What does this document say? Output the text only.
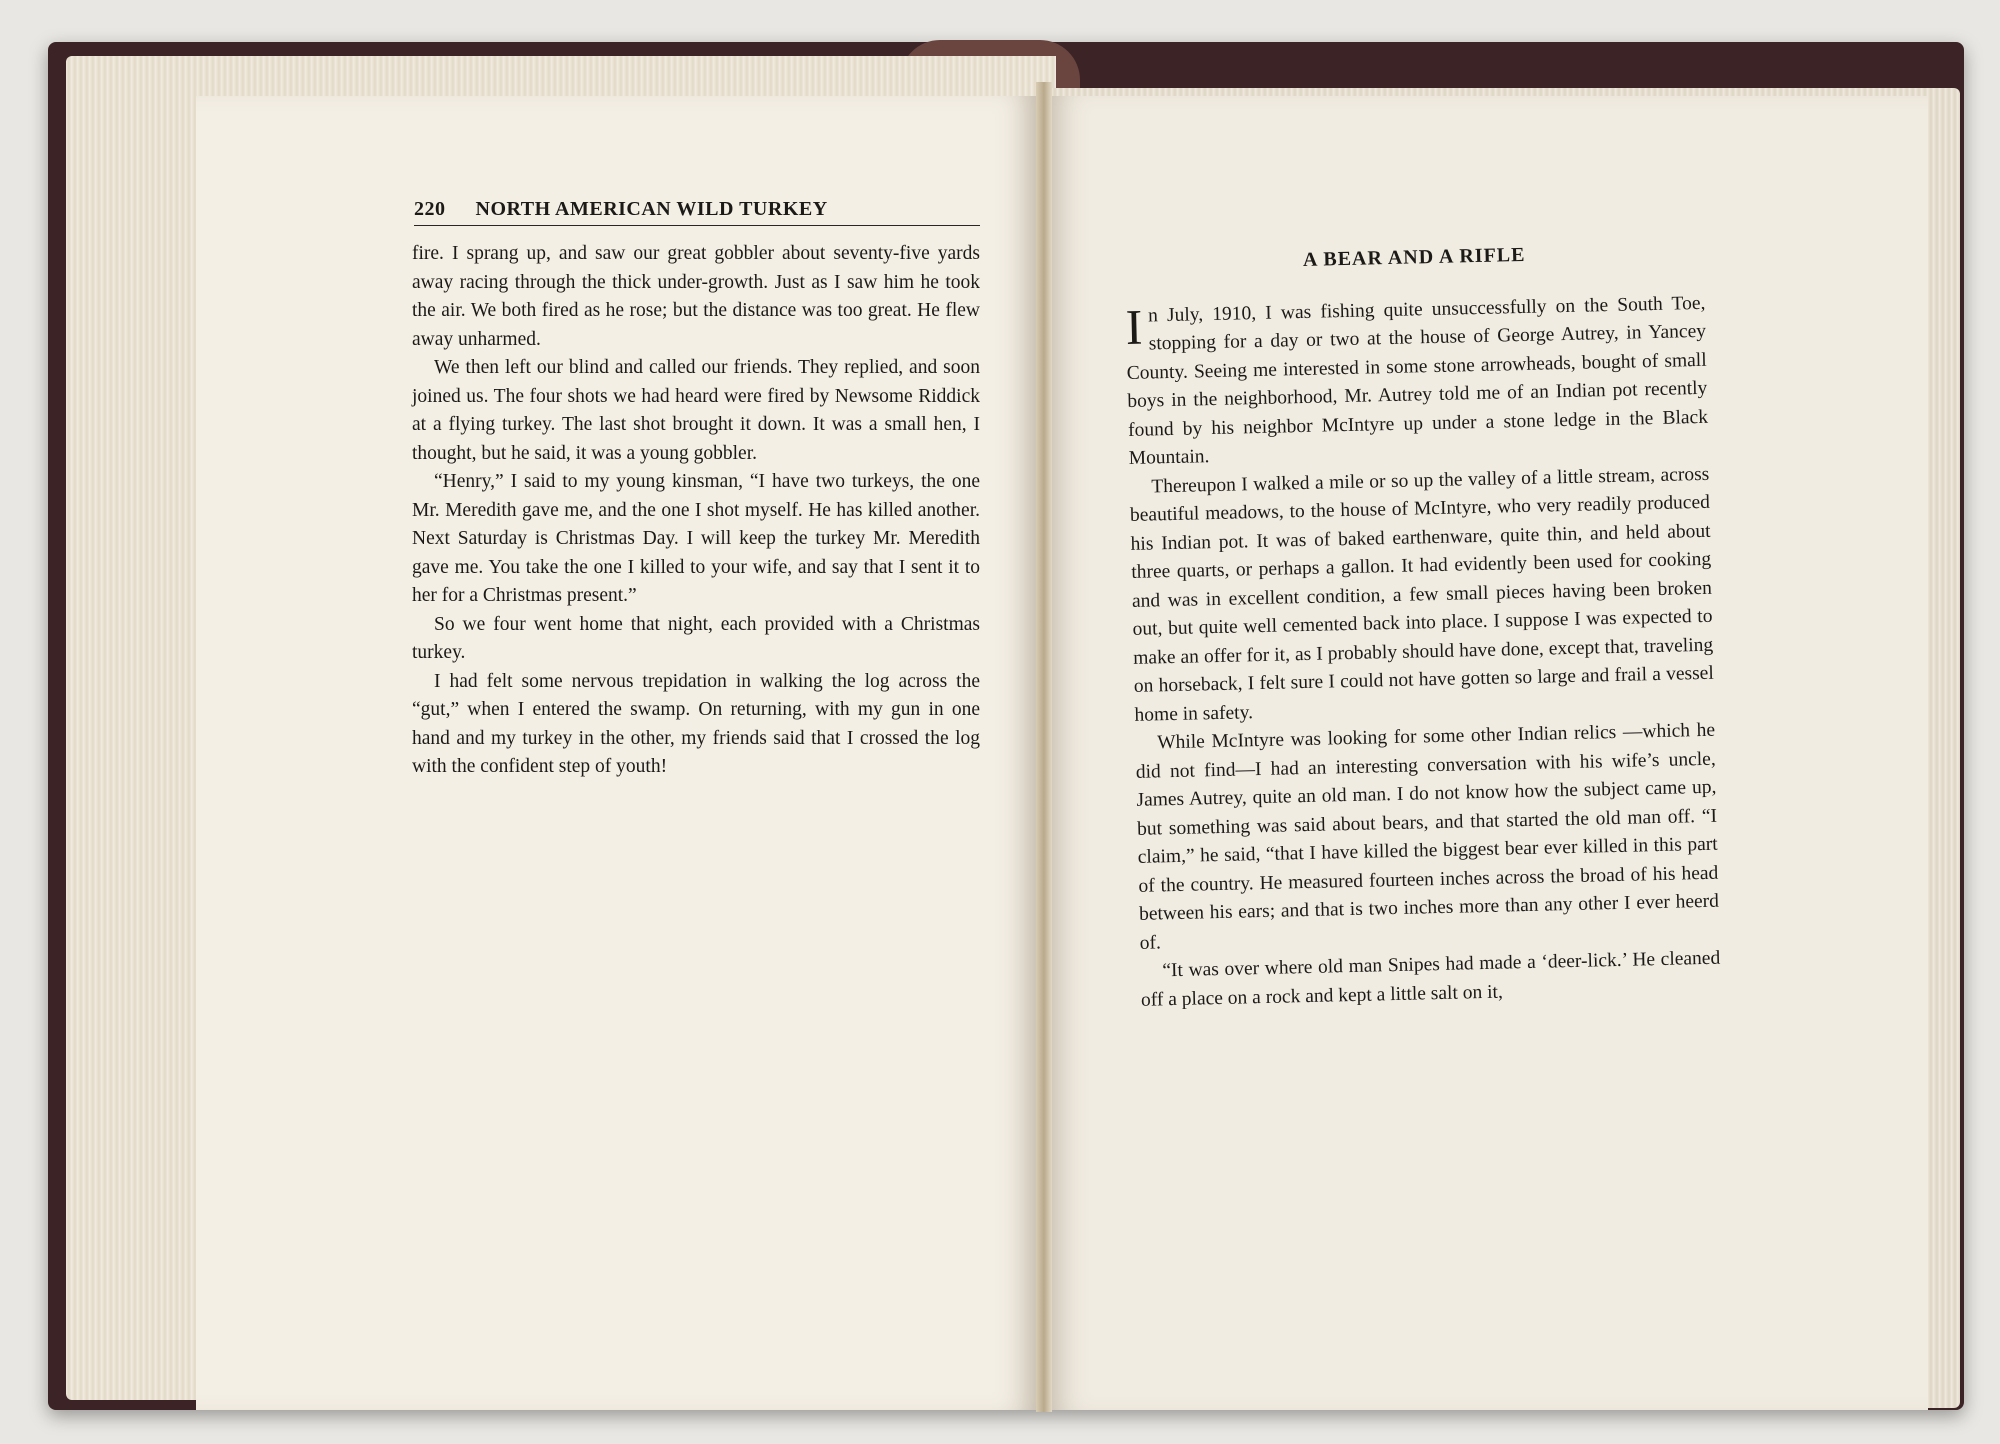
220 NORTH AMERICAN WILD TURKEY

fire. I sprang up, and saw our great gobbler about seventy-five yards away racing through the thick under-growth. Just as I saw him he took the air. We both fired as he rose; but the distance was too great. He flew away unharmed.

We then left our blind and called our friends. They replied, and soon joined us. The four shots we had heard were fired by Newsome Riddick at a flying turkey. The last shot brought it down. It was a small hen, I thought, but he said, it was a young gobbler.

“Henry,” I said to my young kinsman, “I have two turkeys, the one Mr. Meredith gave me, and the one I shot myself. He has killed another. Next Saturday is Christmas Day. I will keep the turkey Mr. Meredith gave me. You take the one I killed to your wife, and say that I sent it to her for a Christmas present.”

So we four went home that night, each provided with a Christmas turkey.

I had felt some nervous trepidation in walking the log across the “gut,” when I entered the swamp. On returning, with my gun in one hand and my turkey in the other, my friends said that I crossed the log with the confident step of youth!

A BEAR AND A RIFLE

In July, 1910, I was fishing quite unsuccessfully on the South Toe, stopping for a day or two at the house of George Autrey, in Yancey County. Seeing me interested in some stone arrowheads, bought of small boys in the neighborhood, Mr. Autrey told me of an Indian pot recently found by his neighbor McIntyre up under a stone ledge in the Black Mountain.

Thereupon I walked a mile or so up the valley of a little stream, across beautiful meadows, to the house of McIntyre, who very readily produced his Indian pot. It was of baked earthenware, quite thin, and held about three quarts, or perhaps a gallon. It had evidently been used for cooking and was in excellent condition, a few small pieces having been broken out, but quite well cemented back into place. I suppose I was expected to make an offer for it, as I probably should have done, except that, traveling on horseback, I felt sure I could not have gotten so large and frail a vessel home in safety.

While McIntyre was looking for some other Indian relics —which he did not find—I had an interesting conversation with his wife’s uncle, James Autrey, quite an old man. I do not know how the subject came up, but something was said about bears, and that started the old man off. “I claim,” he said, “that I have killed the biggest bear ever killed in this part of the country. He measured fourteen inches across the broad of his head between his ears; and that is two inches more than any other I ever heerd of.

“It was over where old man Snipes had made a ‘deer-lick.’ He cleaned off a place on a rock and kept a little salt on it,
